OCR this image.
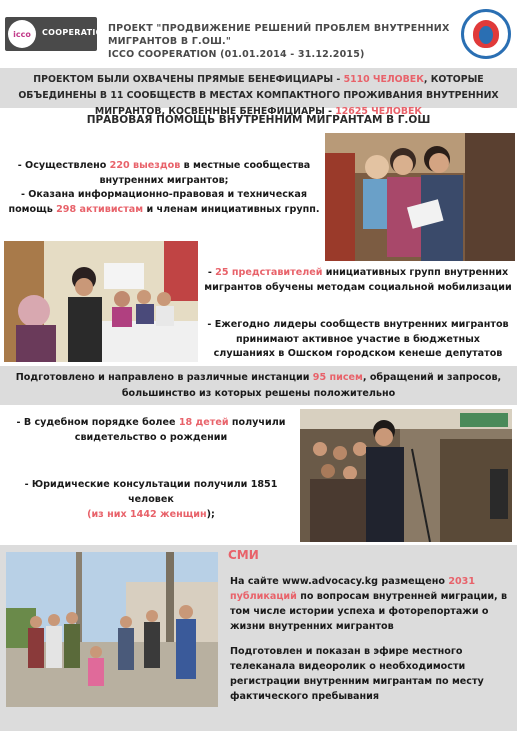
icco	COOPERATION
ПРОЕКТ "ПРОДВИЖЕНИЕ РЕШЕНИЙ ПРОБЛЕМ ВНУТРЕННИХ МИГРАНТОВ В Г.ОШ."
ICCO COOPERATION (01.01.2014 - 31.12.2015)
ПРОЕКТОМ БЫЛИ ОХВАЧЕНЫ ПРЯМЫЕ БЕНЕФИЦИАРЫ - 5110 ЧЕЛОВЕК, КОТОРЫЕ ОБЪЕДИНЕНЫ В 11 СООБЩЕСТВ В МЕСТАХ КОМПАКТНОГО ПРОЖИВАНИЯ ВНУТРЕННИХ МИГРАНТОВ, КОСВЕННЫЕ БЕНЕФИЦИАРЫ - 12625 ЧЕЛОВЕК
ПРАВОВАЯ ПОМОЩЬ ВНУТРЕННИМ МИГРАНТАМ В Г.ОШ
- Осуществлено 220 выездов в местные сообщества внутренних мигрантов;
- Оказана информационно-правовая и техническая помощь 298 активистам и членам инициативных групп.
- 25 представителей инициативных групп внутренних мигрантов обучены методам социальной мобилизации
- Ежегодно лидеры сообществ внутренних мигрантов принимают активное участие в бюджетных слушаниях в Ошском городском кенеше депутатов
Подготовлено и направлено в различные инстанции 95 писем, обращений и запросов, большинство из которых решены положительно
- В судебном порядке более 18 детей получили свидетельство о рождении
- Юридические консультации получили 1851 человек
(из них 1442 женщин);
СМИ
На сайте www.advocacy.kg размещено 2031 публикаций по вопросам внутренней миграции, в том числе истории успеха и фоторепортажи о жизни внутренних мигрантов
Подготовлен и показан в эфире местного телеканала видеоролик о необходимости регистрации внутренним мигрантам по месту фактического пребывания
